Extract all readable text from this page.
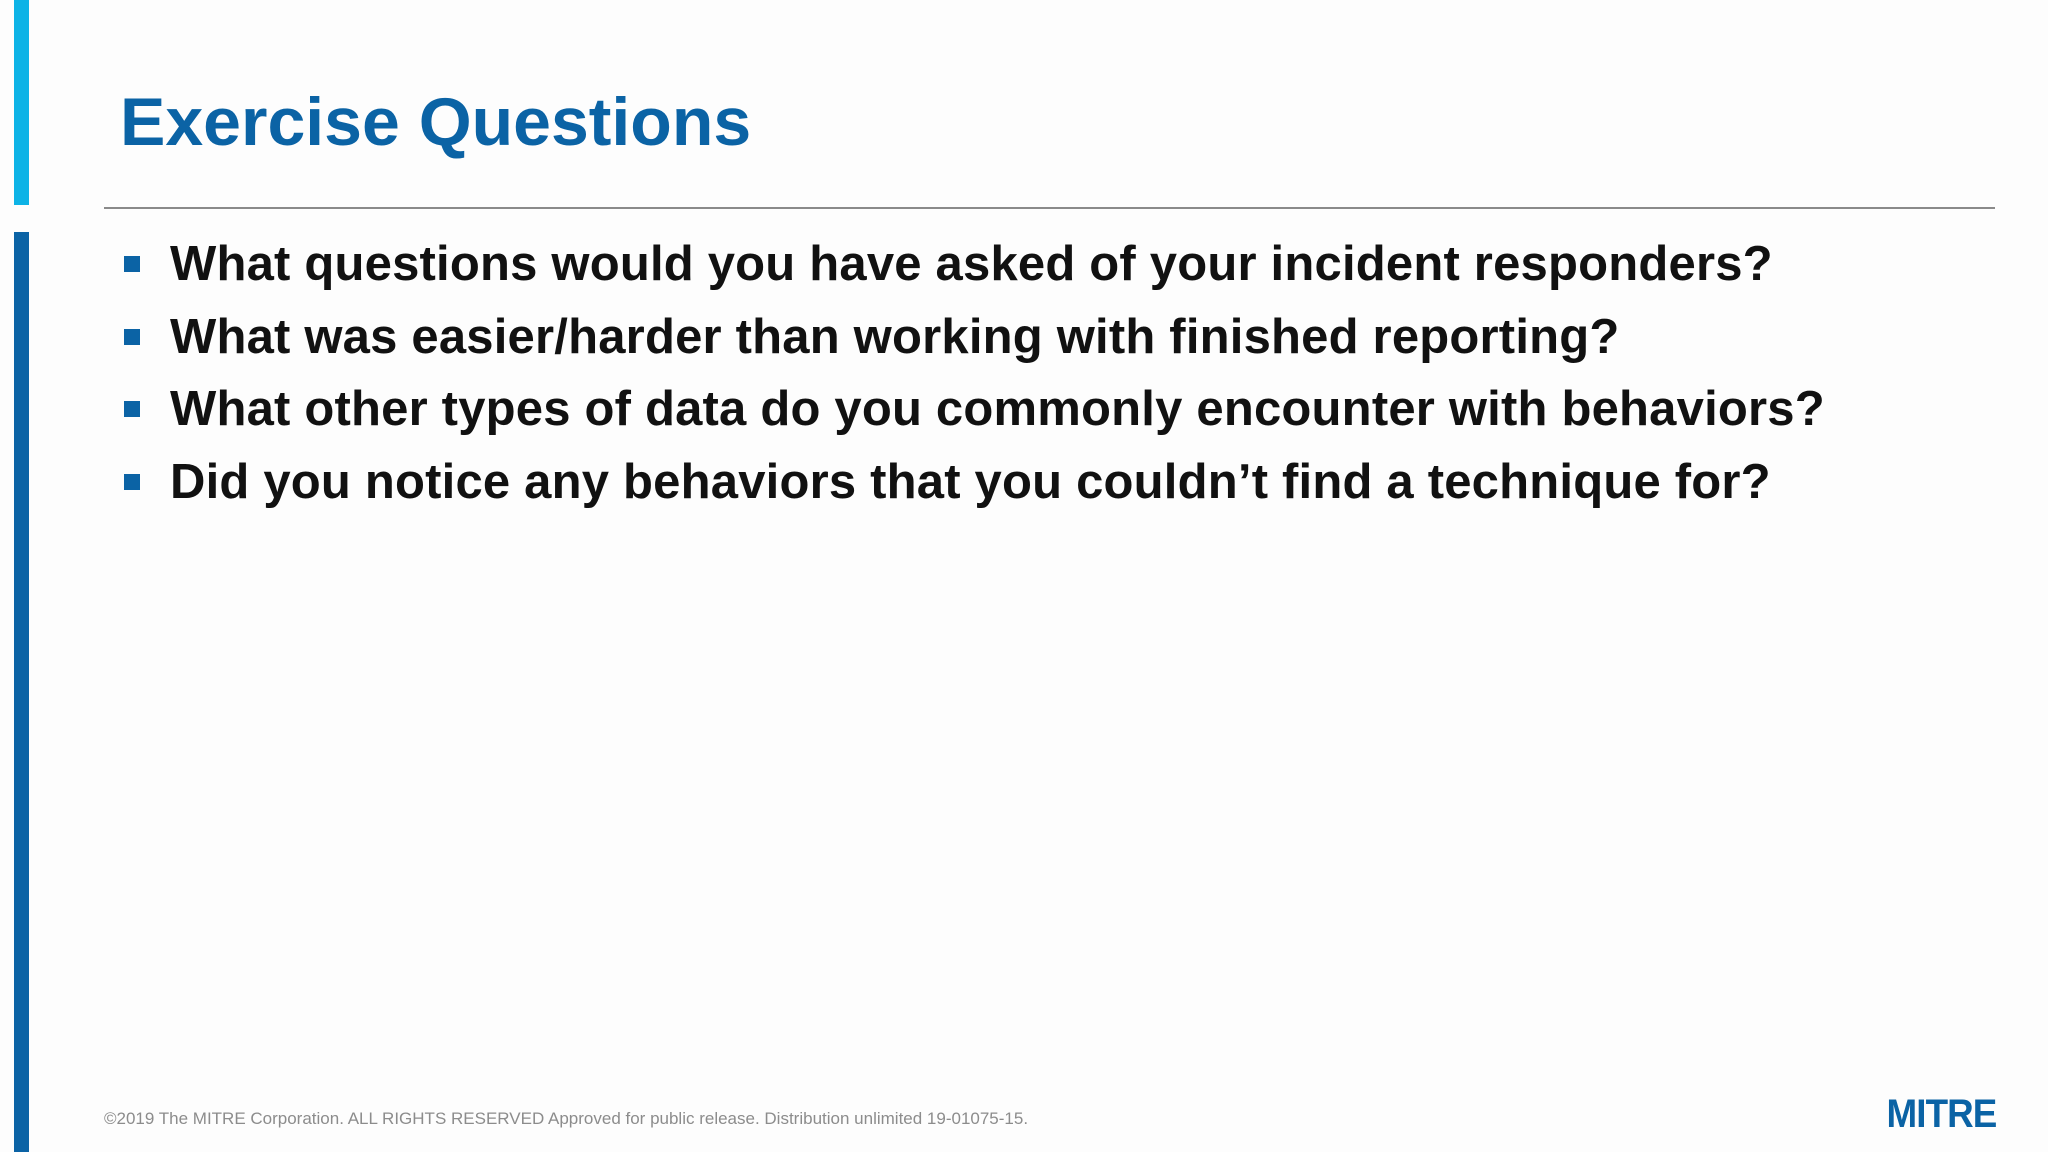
Exercise Questions
What questions would you have asked of your incident responders?
What was easier/harder than working with finished reporting?
What other types of data do you commonly encounter with behaviors?
Did you notice any behaviors that you couldn’t find a technique for?
©2019 The MITRE Corporation. ALL RIGHTS RESERVED Approved for public release. Distribution unlimited 19-01075-15.	MITRE
